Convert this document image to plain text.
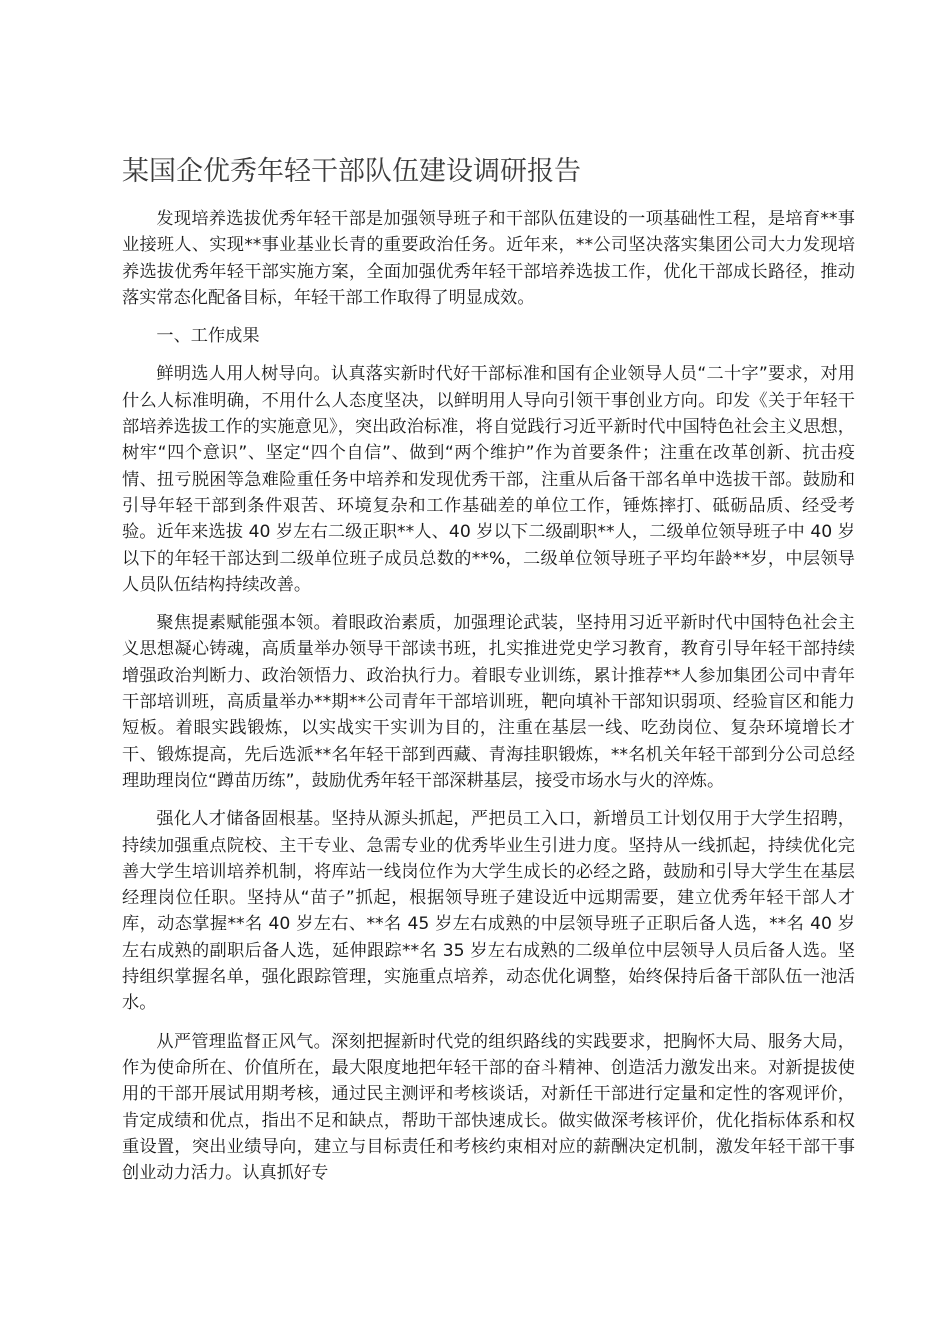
某国企优秀年轻干部队伍建设调研报告

发现培养选拔优秀年轻干部是加强领导班子和干部队伍建设的一项基础性工程，是培育**事业接班人、实现**事业基业长青的重要政治任务。近年来，**公司坚决落实集团公司大力发现培养选拔优秀年轻干部实施方案，全面加强优秀年轻干部培养选拔工作，优化干部成长路径，推动落实常态化配备目标，年轻干部工作取得了明显成效。

一、工作成果

鲜明选人用人树导向。认真落实新时代好干部标准和国有企业领导人员“二十字”要求，对用什么人标准明确，不用什么人态度坚决，以鲜明用人导向引领干事创业方向。印发《关于年轻干部培养选拔工作的实施意见》，突出政治标准，将自觉践行习近平新时代中国特色社会主义思想，树牢“四个意识”、坚定“四个自信”、做到“两个维护”作为首要条件；注重在改革创新、抗击疫情、扭亏脱困等急难险重任务中培养和发现优秀干部，注重从后备干部名单中选拔干部。鼓励和引导年轻干部到条件艰苦、环境复杂和工作基础差的单位工作，锤炼摔打、砥砺品质、经受考验。近年来选拔 40 岁左右二级正职**人、40 岁以下二级副职**人，二级单位领导班子中 40 岁以下的年轻干部达到二级单位班子成员总数的**%，二级单位领导班子平均年龄**岁，中层领导人员队伍结构持续改善。

聚焦提素赋能强本领。着眼政治素质，加强理论武装，坚持用习近平新时代中国特色社会主义思想凝心铸魂，高质量举办领导干部读书班，扎实推进党史学习教育，教育引导年轻干部持续增强政治判断力、政治领悟力、政治执行力。着眼专业训练，累计推荐**人参加集团公司中青年干部培训班，高质量举办**期**公司青年干部培训班，靶向填补干部知识弱项、经验盲区和能力短板。着眼实践锻炼，以实战实干实训为目的，注重在基层一线、吃劲岗位、复杂环境增长才干、锻炼提高，先后选派**名年轻干部到西藏、青海挂职锻炼，**名机关年轻干部到分公司总经理助理岗位“蹲苗历练”，鼓励优秀年轻干部深耕基层，接受市场水与火的淬炼。

强化人才储备固根基。坚持从源头抓起，严把员工入口，新增员工计划仅用于大学生招聘，持续加强重点院校、主干专业、急需专业的优秀毕业生引进力度。坚持从一线抓起，持续优化完善大学生培训培养机制，将库站一线岗位作为大学生成长的必经之路，鼓励和引导大学生在基层经理岗位任职。坚持从“苗子”抓起，根据领导班子建设近中远期需要，建立优秀年轻干部人才库，动态掌握**名 40 岁左右、**名 45 岁左右成熟的中层领导班子正职后备人选，**名 40 岁左右成熟的副职后备人选，延伸跟踪**名 35 岁左右成熟的二级单位中层领导人员后备人选。坚持组织掌握名单，强化跟踪管理，实施重点培养，动态优化调整，始终保持后备干部队伍一池活水。

从严管理监督正风气。深刻把握新时代党的组织路线的实践要求，把胸怀大局、服务大局，作为使命所在、价值所在，最大限度地把年轻干部的奋斗精神、创造活力激发出来。对新提拔使用的干部开展试用期考核，通过民主测评和考核谈话，对新任干部进行定量和定性的客观评价，肯定成绩和优点，指出不足和缺点，帮助干部快速成长。做实做深考核评价，优化指标体系和权重设置，突出业绩导向，建立与目标责任和考核约束相对应的薪酬决定机制，激发年轻干部干事创业动力活力。认真抓好专
